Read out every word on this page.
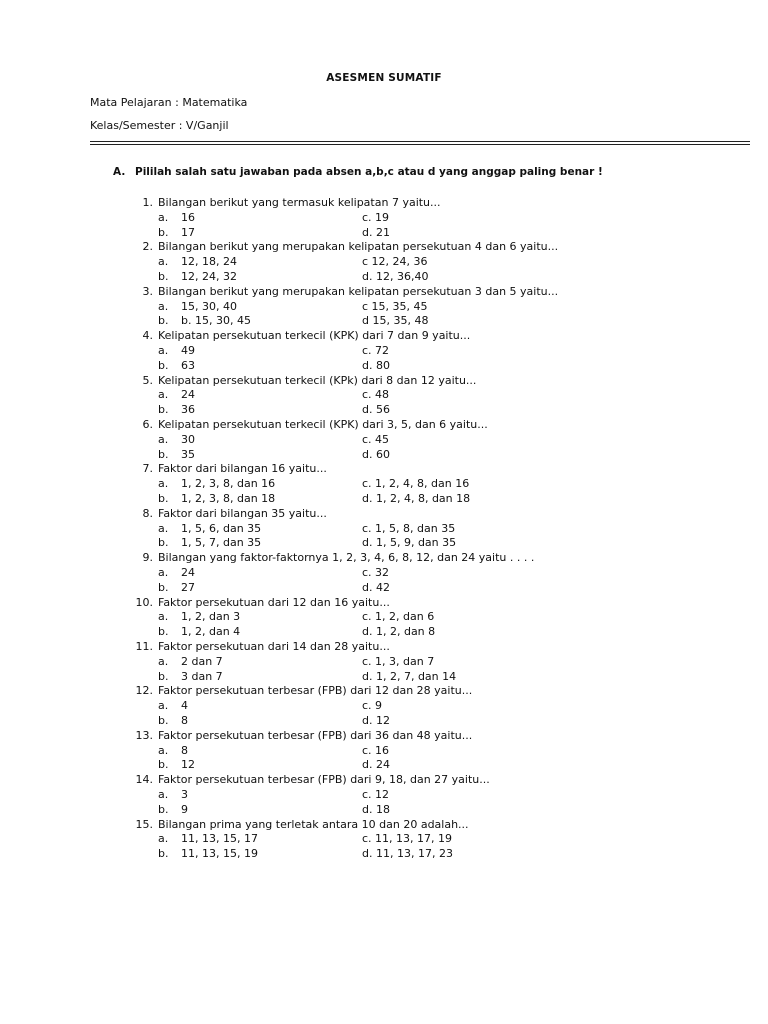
ASESMEN SUMATIF
Mata Pelajaran : Matematika
Kelas/Semester : V/Ganjil
A. Pililah salah satu jawaban pada absen a,b,c atau d yang anggap paling benar !
1. Bilangan berikut yang termasuk kelipatan 7 yaitu...
a. 16	c. 19
b. 17	d. 21
2. Bilangan berikut yang merupakan kelipatan persekutuan 4 dan 6 yaitu...
a. 12, 18, 24	c 12, 24, 36
b. 12, 24, 32	d. 12, 36,40
3. Bilangan berikut yang merupakan kelipatan persekutuan 3 dan 5 yaitu...
a. 15, 30, 40	c 15, 35, 45
b. b. 15, 30, 45	d 15, 35, 48
4. Kelipatan persekutuan terkecil (KPK) dari 7 dan 9 yaitu...
a. 49	c. 72
b. 63	d. 80
5. Kelipatan persekutuan terkecil (KPk) dari 8 dan 12 yaitu...
a. 24	c. 48
b. 36	d. 56
6. Kelipatan persekutuan terkecil (KPK) dari 3, 5, dan 6 yaitu...
a. 30	c. 45
b. 35	d. 60
7. Faktor dari bilangan 16 yaitu...
a. 1, 2, 3, 8, dan 16	c. 1, 2, 4, 8, dan 16
b. 1, 2, 3, 8, dan 18	d. 1, 2, 4, 8, dan 18
8. Faktor dari bilangan 35 yaitu...
a. 1, 5, 6, dan 35	c. 1, 5, 8, dan 35
b. 1, 5, 7, dan 35	d. 1, 5, 9, dan 35
9. Bilangan yang faktor-faktornya 1, 2, 3, 4, 6, 8, 12, dan 24 yaitu . . . .
a. 24	c. 32
b. 27	d. 42
10. Faktor persekutuan dari 12 dan 16 yaitu...
a. 1, 2, dan 3	c. 1, 2, dan 6
b. 1, 2, dan 4	d. 1, 2, dan 8
11. Faktor persekutuan dari 14 dan 28 yaitu...
a. 2 dan 7	c. 1, 3, dan 7
b. 3 dan 7	d. 1, 2, 7, dan 14
12. Faktor persekutuan terbesar (FPB) dari 12 dan 28 yaitu...
a. 4	c. 9
b. 8	d. 12
13. Faktor persekutuan terbesar (FPB) dari 36 dan 48 yaitu...
a. 8	c. 16
b. 12	d. 24
14. Faktor persekutuan terbesar (FPB) dari 9, 18, dan 27 yaitu...
a. 3	c. 12
b. 9	d. 18
15. Bilangan prima yang terletak antara 10 dan 20 adalah...
a. 11, 13, 15, 17	c. 11, 13, 17, 19
b. 11, 13, 15, 19	d. 11, 13, 17, 23
